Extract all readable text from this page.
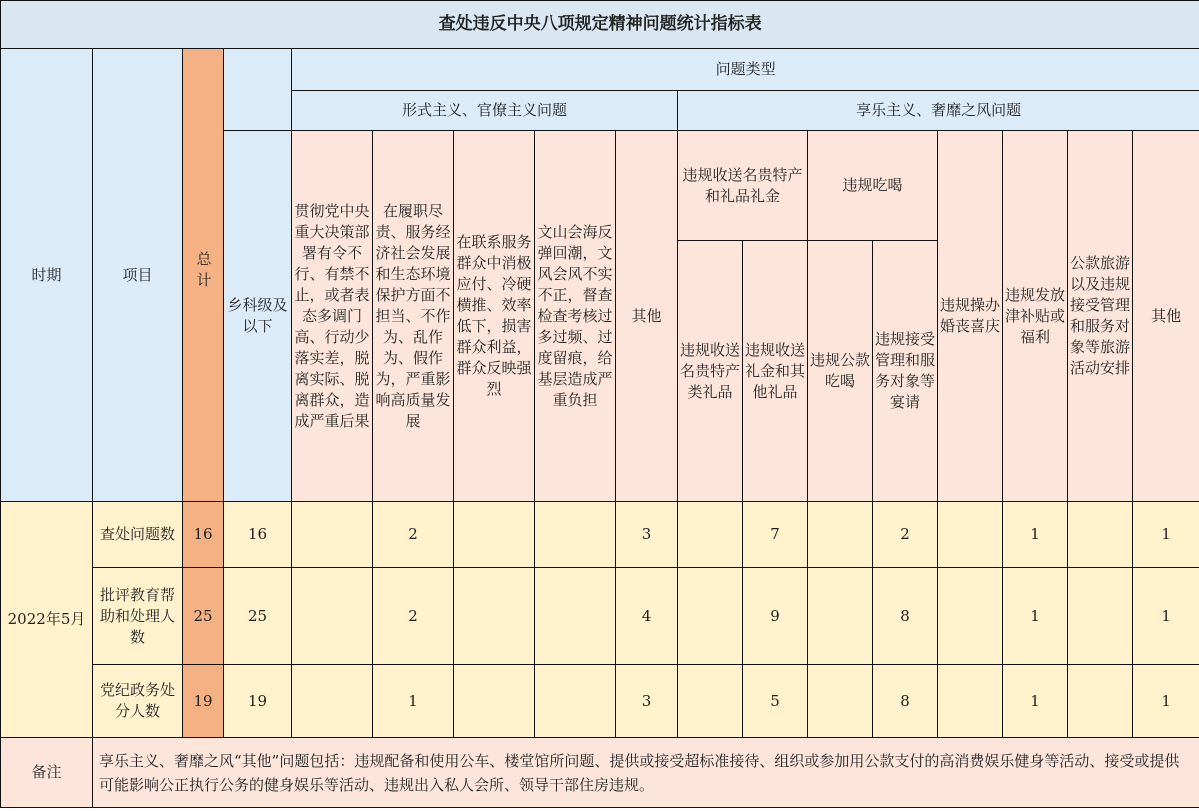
查处违反中央八项规定精神问题统计指标表																
时期	项目	总计		问题类型												
				形式主义、官僚主义问题					享乐主义、奢靡之风问题							
			乡科级及以下	贯彻党中央重大决策部署有令不行、有禁不止，或者表态多调门高、行动少落实差，脱离实际、脱离群众，造成严重后果	在履职尽责、服务经济社会发展和生态环境保护方面不担当、不作为、乱作为、假作为，严重影响高质量发展	在联系服务群众中消极应付、冷硬横推、效率低下，损害群众利益，群众反映强烈	文山会海反弹回潮，文风会风不实不正，督查检查考核过多过频、过度留痕，给基层造成严重负担	其他	违规收送名贵特产和礼品礼金		违规吃喝		违规操办婚丧喜庆	违规发放津补贴或福利	公款旅游以及违规接受管理和服务对象等旅游活动安排	其他
									违规收送名贵特产类礼品	违规收送礼金和其他礼品	违规公款吃喝	违规接受管理和服务对象等宴请				
2022年5月	查处问题数	16	16		2			3		7		2		1		1
	批评教育帮助和处理人数	25	25		2			4		9		8		1		1
	党纪政务处分人数	19	19		1			3		5		8		1		1
备注	享乐主义、奢靡之风“其他”问题包括：违规配备和使用公车、楼堂馆所问题、提供或接受超标准接待、组织或参加用公款支付的高消费娱乐健身等活动、接受或提供可能影响公正执行公务的健身娱乐等活动、违规出入私人会所、领导干部住房违规。															
